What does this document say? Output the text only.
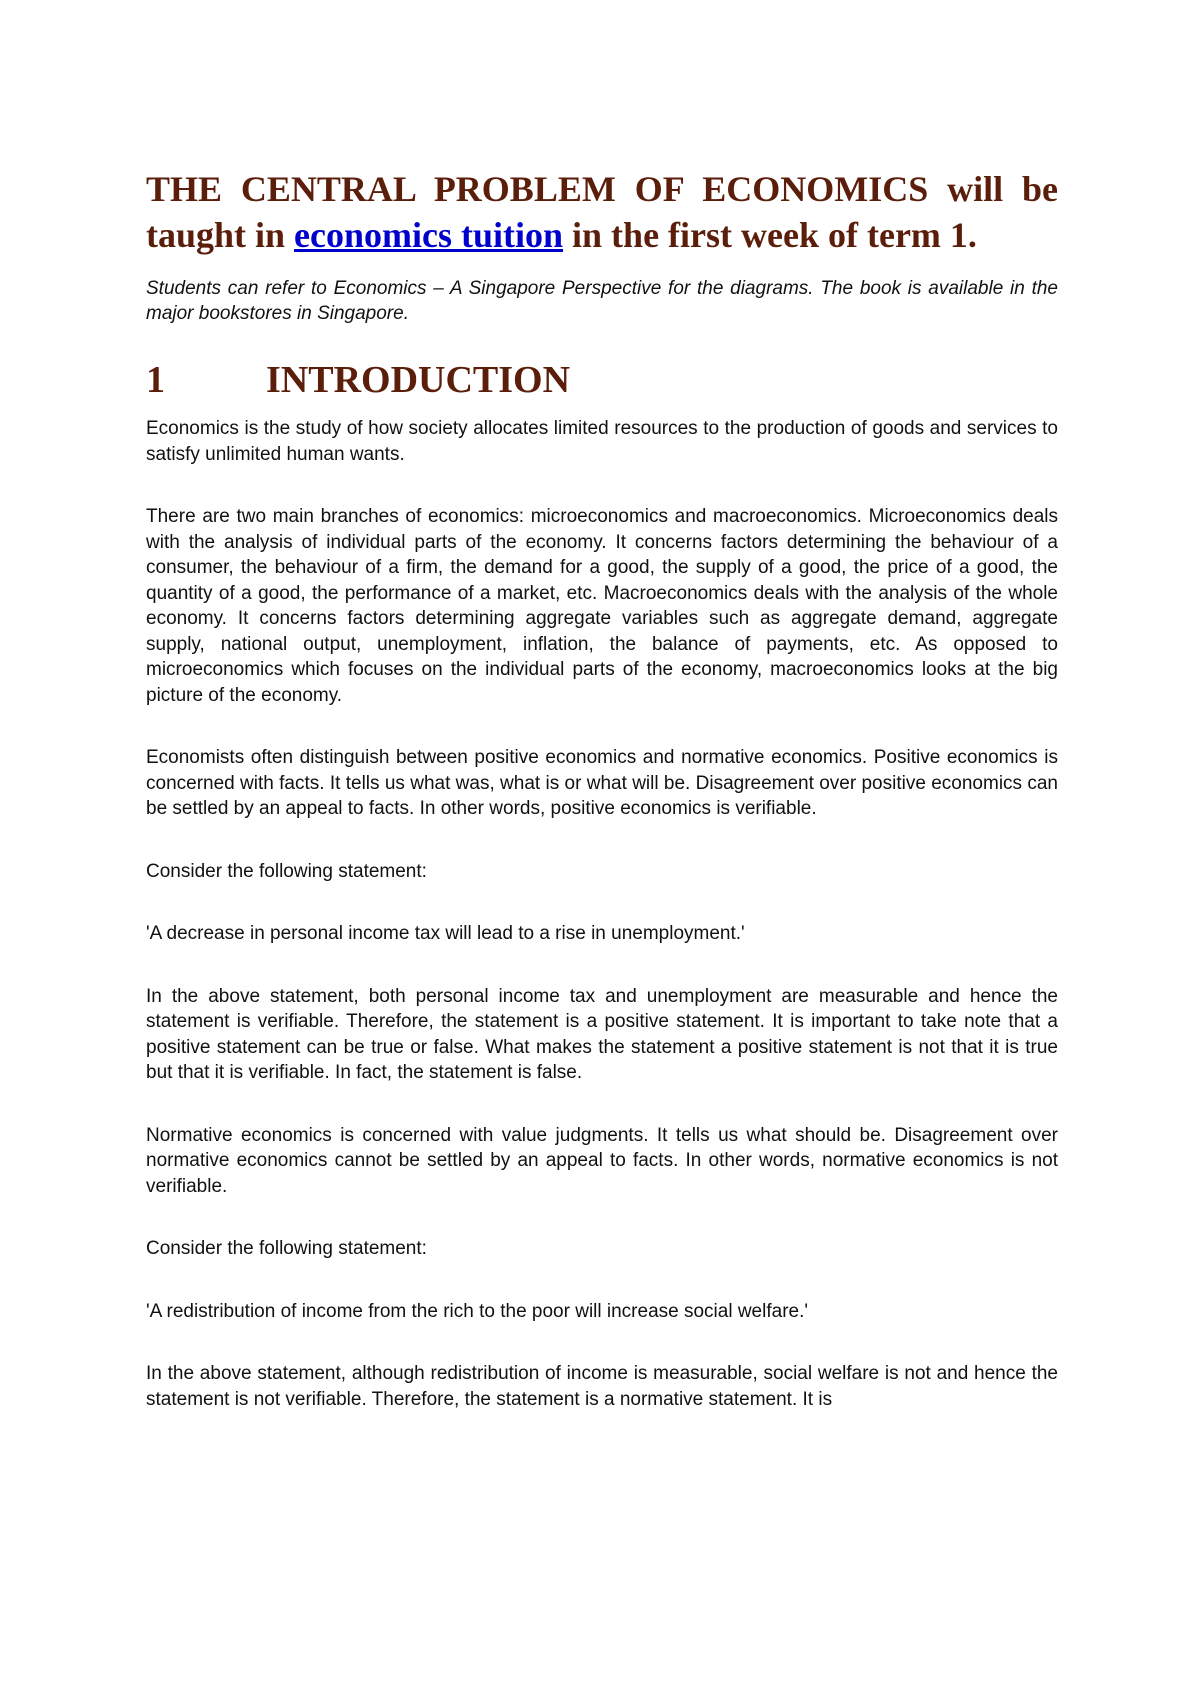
THE CENTRAL PROBLEM OF ECONOMICS will be taught in economics tuition in the first week of term 1.
Students can refer to Economics – A Singapore Perspective for the diagrams. The book is available in the major bookstores in Singapore.
1	INTRODUCTION
Economics is the study of how society allocates limited resources to the production of goods and services to satisfy unlimited human wants.
There are two main branches of economics: microeconomics and macroeconomics. Microeconomics deals with the analysis of individual parts of the economy. It concerns factors determining the behaviour of a consumer, the behaviour of a firm, the demand for a good, the supply of a good, the price of a good, the quantity of a good, the performance of a market, etc. Macroeconomics deals with the analysis of the whole economy. It concerns factors determining aggregate variables such as aggregate demand, aggregate supply, national output, unemployment, inflation, the balance of payments, etc. As opposed to microeconomics which focuses on the individual parts of the economy, macroeconomics looks at the big picture of the economy.
Economists often distinguish between positive economics and normative economics. Positive economics is concerned with facts. It tells us what was, what is or what will be. Disagreement over positive economics can be settled by an appeal to facts. In other words, positive economics is verifiable.
Consider the following statement:
'A decrease in personal income tax will lead to a rise in unemployment.'
In the above statement, both personal income tax and unemployment are measurable and hence the statement is verifiable. Therefore, the statement is a positive statement. It is important to take note that a positive statement can be true or false. What makes the statement a positive statement is not that it is true but that it is verifiable. In fact, the statement is false.
Normative economics is concerned with value judgments. It tells us what should be. Disagreement over normative economics cannot be settled by an appeal to facts. In other words, normative economics is not verifiable.
Consider the following statement:
'A redistribution of income from the rich to the poor will increase social welfare.'
In the above statement, although redistribution of income is measurable, social welfare is not and hence the statement is not verifiable. Therefore, the statement is a normative statement. It is
